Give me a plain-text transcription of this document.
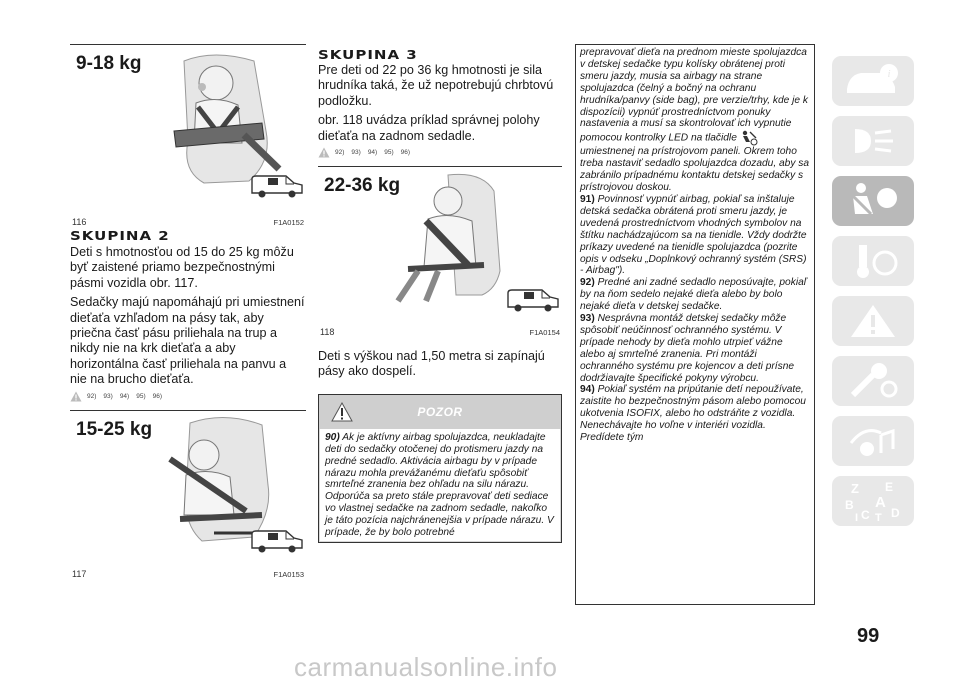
9-18 kg
116	F1A0152
SKUPINA 2

Deti s hmotnosťou od 15 do 25 kg môžu byť zaistené priamo bezpečnostnými pásmi vozidla obr. 117.

Sedačky majú napomáhajú pri umiestnení dieťaťa vzhľadom na pásy tak, aby priečna časť pásu priliehala na trup a nikdy nie na krk dieťaťa a aby horizontálna časť priliehala na panvu a nie na brucho dieťaťa.

92) 93) 94) 95) 96)
15-25 kg
117	F1A0153
SKUPINA 3

Pre deti od 22 po 36 kg hmotnosti je sila hrudníka taká, že už nepotrebujú chrbtovú podložku.

obr. 118 uvádza príklad správnej polohy dieťaťa na zadnom sedadle.

92) 93) 94) 95) 96)
22-36 kg
118	F1A0154

Deti s výškou nad 1,50 metra si zapínajú pásy ako dospelí.

POZOR
90) Ak je aktívny airbag spolujazdca, neukladajte deti do sedačky otočenej do protismeru jazdy na predné sedadlo. Aktivácia airbagu by v prípade nárazu mohla prevážanému dieťaťu spôsobiť smrteľné zranenia bez ohľadu na silu nárazu. Odporúča sa preto stále prepravovať deti sediace vo vlastnej sedačke na zadnom sedadle, nakoľko je táto pozícia najchránenejšia v prípade nárazu. V prípade, že by bolo potrebné
prepravovať dieťa na prednom mieste spolujazdca v detskej sedačke typu kolísky obrátenej proti smeru jazdy, musia sa airbagy na strane spolujazdca (čelný a bočný na ochranu hrudníka/panvy (side bag), pre verzie/trhy, kde je k dispozícii) vypnúť prostredníctvom ponuky nastavenia a musí sa skontrolovať ich vypnutie pomocou kontrolky LED na tlačidle  umiestnenej na prístrojovom paneli. Okrem toho treba nastaviť sedadlo spolujazdca dozadu, aby sa zabránilo prípadnému kontaktu detskej sedačky s prístrojovou doskou.
91) Povinnosť vypnúť airbag, pokiaľ sa inštaluje detská sedačka obrátená proti smeru jazdy, je uvedená prostredníctvom vhodných symbolov na štítku nachádzajúcom sa na tienidle. Vždy dodržte príkazy uvedené na tienidle spolujazdca (pozrite opis v odseku „Doplnkový ochranný systém (SRS) - Airbag").
92) Predné ani zadné sedadlo neposúvajte, pokiaľ by na ňom sedelo nejaké dieťa alebo by bolo nejaké dieťa v detskej sedačke.
93) Nesprávna montáž detskej sedačky môže spôsobiť neúčinnosť ochranného systému. V prípade nehody by dieťa mohlo utrpieť vážne alebo aj smrteľné zranenia. Pri montáži ochranného systému pre kojencov a deti prísne dodržiavajte špecifické pokyny výrobcu.
94) Pokiaľ systém na pripútanie detí nepoužívate, zaistite ho bezpečnostným pásom alebo pomocou ukotvenia ISOFIX, alebo ho odstráňte z vozidla. Nenechávajte ho voľne v interiéri vozidla. Predídete tým
i
Z E
B A
I C T D
99
carmanualsonline.info
